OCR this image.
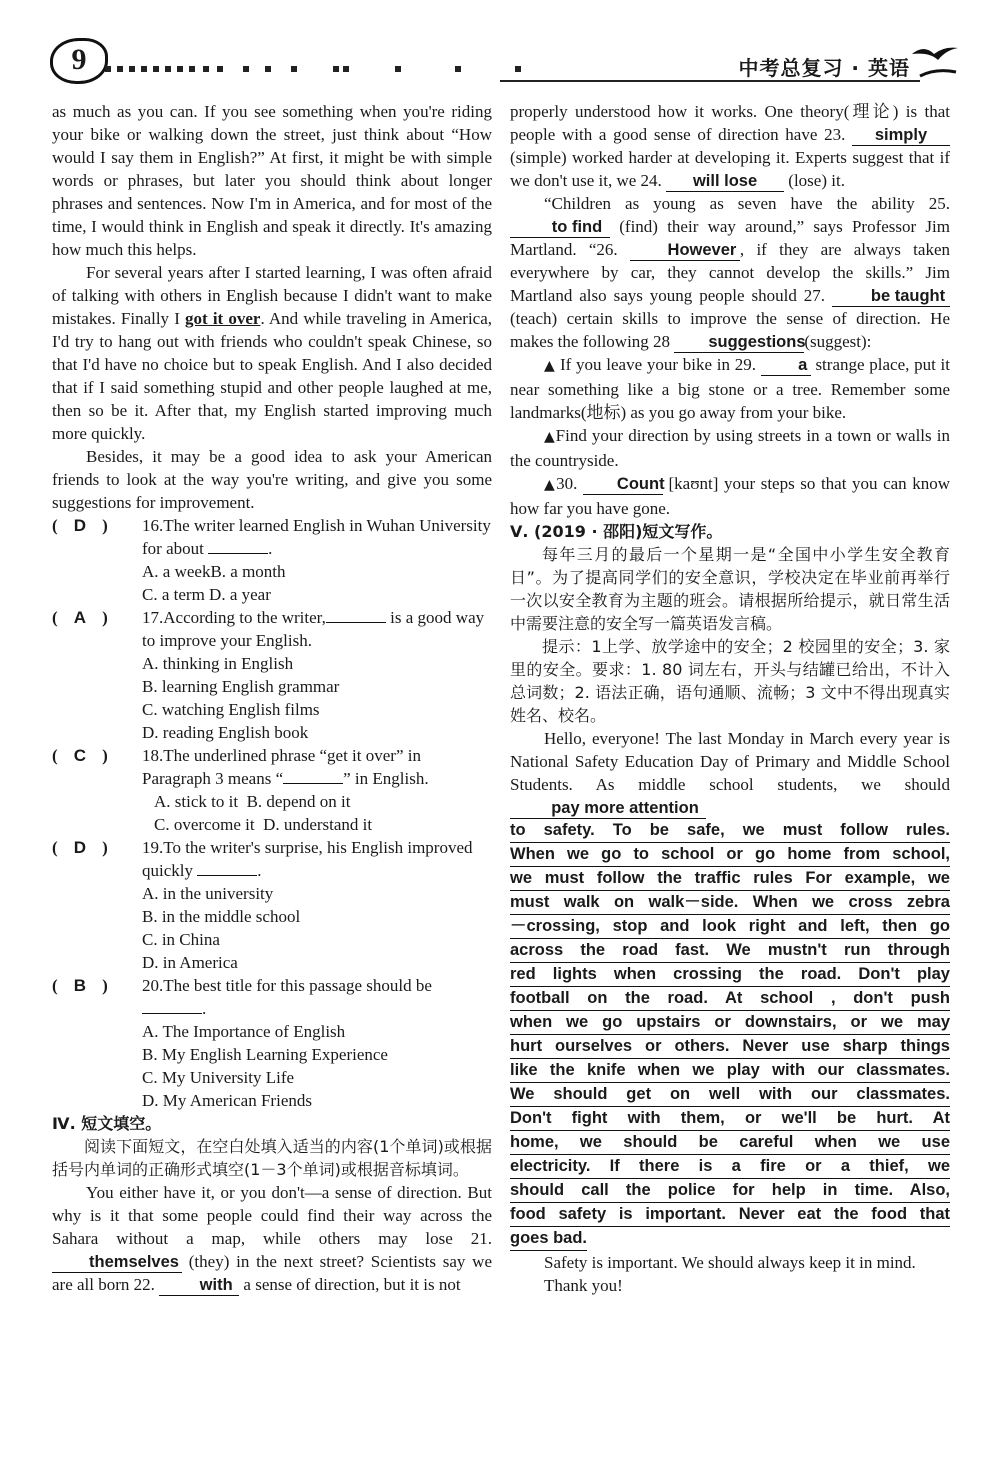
9	中考总复习 · 英语

as much as you can. If you see something when you're riding your bike or walking down the street, just think about “How would I say them in English?” At first, it might be with simple words or phrases, but later you should think about longer phrases and sentences. Now I'm in America, and for most of the time, I would think in English and speak it directly. It's amazing how much this helps.

For several years after I started learning, I was often afraid of talking with others in English because I didn't want to make mistakes. Finally I got it over. And while traveling in America, I'd try to hang out with friends who couldn't speak Chinese, so that I'd have no choice but to speak English. And I also decided that if I said something stupid and other people laughed at me, then so be it. After that, my English started improving much more quickly.

Besides, it may be a good idea to ask your American friends to look at the way you're writing, and give you some suggestions for improvement.

( D )	16.The writer learned English in Wuhan University for about	.
A. a weekB. a month
C. a term D. a year
( A )	17.According to the writer,	is a good way to improve your English.
A. thinking in English
B. learning English grammar
C. watching English films
D. reading English book
( C )	18.The underlined phrase “get it over” in Paragraph 3 means “	” in English.
A. stick to it B. depend on it
C. overcome it D. understand it
( D )	19.To the writer's surprise, his English improved quickly	.
A. in the university
B. in the middle school
C. in China
D. in America
( B )	20.The best title for this passage should be
.
A. The Importance of English
B. My English Learning Experience
C. My University Life
D. My American Friends

Ⅳ. 短文填空。

阅读下面短文，在空白处填入适当的内容(1个单词)或根据括号内单词的正确形式填空(1－3个单词)或根据音标填词。

You either have it, or you don't—a sense of direction. But why is it that some people could find their way across the Sahara without a map, while others may lose 21. themselves (they) in the next street? Scientists say we are all born 22.	with a sense of direction, but it is not

properly understood how it works. One theory(理论) is that people with a good sense of direction have 23. simply (simple) worked harder at developing it. Experts suggest that if we don't use it, we 24. will lose (lose) it.

“Children as young as seven have the ability 25. to find (find) their way around,” says Professor Jim Martland. “26.	However , if they are always taken everywhere by car, they cannot develop the skills.” Jim Martland also says young people should 27.	be taught (teach) certain skills to improve the sense of direction. He makes the following 28 suggestions(suggest):

▲ If you leave your bike in 29.	a strange place, put it near something like a big stone or a tree. Remember some landmarks(地标) as you go away from your bike.

▲Find your direction by using streets in a town or walls in the countryside.

▲30. Count [kaʊnt] your steps so that you can know how far you have gone.

Ⅴ. (2019 · 邵阳)短文写作。

每年三月的最后一个星期一是“全国中小学生安全教育日”。为了提高同学们的安全意识，学校决定在毕业前再举行一次以安全教育为主题的班会。请根据所给提示，就日常生活中需要注意的安全写一篇英语发言稿。

提示：1上学、放学途中的安全；2 校园里的安全；3. 家里的安全。要求：1. 80 词左右，开头与结罐已给出，不计入总词数；2. 语法正确，语句通顺、流畅；3 文中不得出现真实姓名、校名。

Hello, everyone! The last Monday in March every year is National Safety Education Day of Primary and Middle School Students. As middle school students, we should pay more attention

to safety. To be safe, we must follow rules.
When we go to school or go home from school,
we must follow the traffic rules For example, we
must walk on walk－side. When we cross zebra
－crossing, stop and look right and left, then go
across the road fast. We mustn't run through
red lights when crossing the road. Don't play
football on the road. At school , don't push
when we go upstairs or downstairs, or we may
hurt ourselves or others. Never use sharp things
like the knife when we play with our classmates.
We should get on well with our classmates.
Don't fight with them, or we'll be hurt. At
home, we should be careful when we use
electricity. If there is a fire or a thief, we
should call the police for help in time. Also,
food safety is important. Never eat the food that
goes bad.

Safety is important. We should always keep it in mind.

Thank you!
